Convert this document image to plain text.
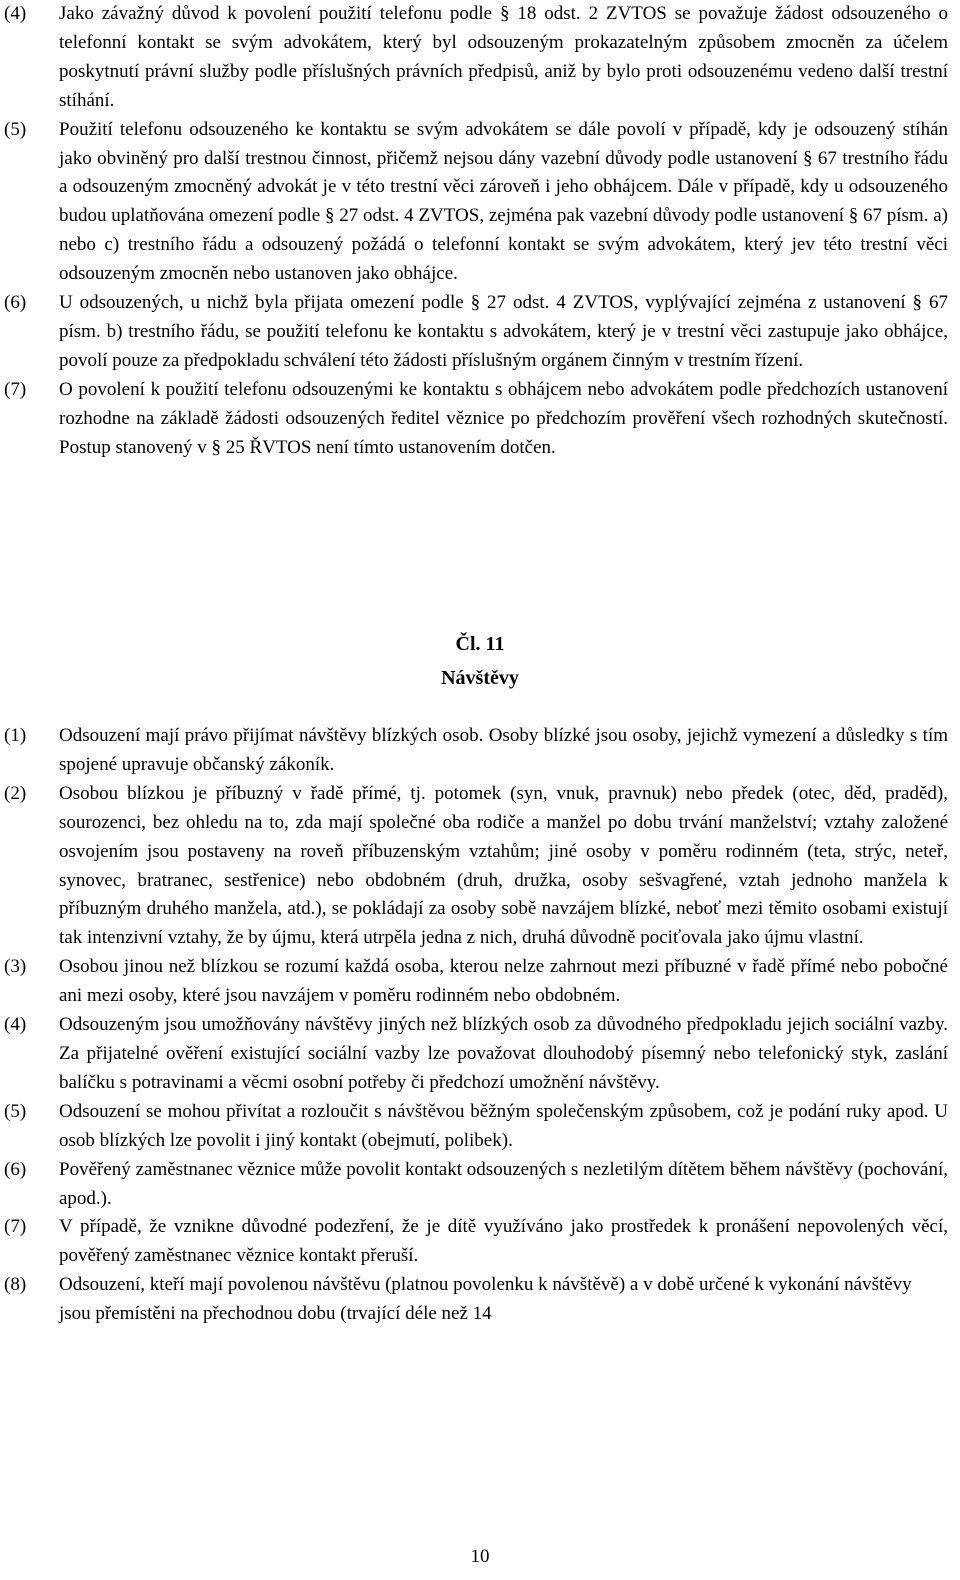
(4)	Jako závažný důvod k povolení použití telefonu podle § 18 odst. 2 ZVTOS se považuje žádost odsouzeného o telefonní kontakt se svým advokátem, který byl odsouzeným prokazatelným způsobem zmocněn za účelem poskytnutí právní služby podle příslušných právních předpisů, aniž by bylo proti odsouzenému vedeno další trestní stíhání.
(5)	Použití telefonu odsouzeného ke kontaktu se svým advokátem se dále povolí v případě, kdy je odsouzený stíhán jako obviněný pro další trestnou činnost, přičemž nejsou dány vazební důvody podle ustanovení § 67 trestního řádu a odsouzeným zmocněný advokát je v této trestní věci zároveň i jeho obhájcem. Dále v případě, kdy u odsouzeného budou uplatňována omezení podle § 27 odst. 4 ZVTOS, zejména pak vazební důvody podle ustanovení § 67 písm. a) nebo c) trestního řádu a odsouzený požádá o telefonní kontakt se svým advokátem, který jev této trestní věci odsouzeným zmocněn nebo ustanoven jako obhájce.
(6)	U odsouzených, u nichž byla přijata omezení podle § 27 odst. 4 ZVTOS, vyplývající zejména z ustanovení § 67 písm. b) trestního řádu, se použití telefonu ke kontaktu s advokátem, který je v trestní věci zastupuje jako obhájce, povolí pouze za předpokladu schválení této žádosti příslušným orgánem činným v trestním řízení.
(7)	O povolení k použití telefonu odsouzenými ke kontaktu s obhájcem nebo advokátem podle předchozích ustanovení rozhodne na základě žádosti odsouzených ředitel věznice po předchozím prověření všech rozhodných skutečností. Postup stanovený v § 25 ŘVTOS není tímto ustanovením dotčen.
Čl. 11
Návštěvy
(1)	Odsouzení mají právo přijímat návštěvy blízkých osob. Osoby blízké jsou osoby, jejichž vymezení a důsledky s tím spojené upravuje občanský zákoník.
(2)	Osobou blízkou je příbuzný v řadě přímé, tj. potomek (syn, vnuk, pravnuk) nebo předek (otec, děd, praděd), sourozenci, bez ohledu na to, zda mají společné oba rodiče a manžel po dobu trvání manželství; vztahy založené osvojením jsou postaveny na roveň příbuzenským vztahům; jiné osoby v poměru rodinném (teta, strýc, neteř, synovec, bratranec, sestřenice) nebo obdobném (druh, družka, osoby sešvagřené, vztah jednoho manžela k příbuzným druhého manžela, atd.), se pokládají za osoby sobě navzájem blízké, neboť mezi těmito osobami existují tak intenzivní vztahy, že by újmu, která utrpěla jedna z nich, druhá důvodně pociťovala jako újmu vlastní.
(3)	Osobou jinou než blízkou se rozumí každá osoba, kterou nelze zahrnout mezi příbuzné v řadě přímé nebo pobočné ani mezi osoby, které jsou navzájem v poměru rodinném nebo obdobném.
(4)	Odsouzeným jsou umožňovány návštěvy jiných než blízkých osob za důvodného předpokladu jejich sociální vazby. Za přijatelné ověření existující sociální vazby lze považovat dlouhodobý písemný nebo telefonický styk, zaslání balíčku s potravinami a věcmi osobní potřeby či předchozí umožnění návštěvy.
(5)	Odsouzení se mohou přivítat a rozloučit s návštěvou běžným společenským způsobem, což je podání ruky apod. U osob blízkých lze povolit i jiný kontakt (obejmutí, polibek).
(6)	Pověřený zaměstnanec věznice může povolit kontakt odsouzených s nezletilým dítětem během návštěvy (pochování, apod.).
(7)	V případě, že vznikne důvodné podezření, že je dítě využíváno jako prostředek k pronášení nepovolených věcí, pověřený zaměstnanec věznice kontakt přeruší.
(8)	Odsouzení, kteří mají povolenou návštěvu (platnou povolenku k návštěvě) a v době určené k vykonání návštěvy jsou přemístěni na přechodnou dobu (trvající déle než 14
10
